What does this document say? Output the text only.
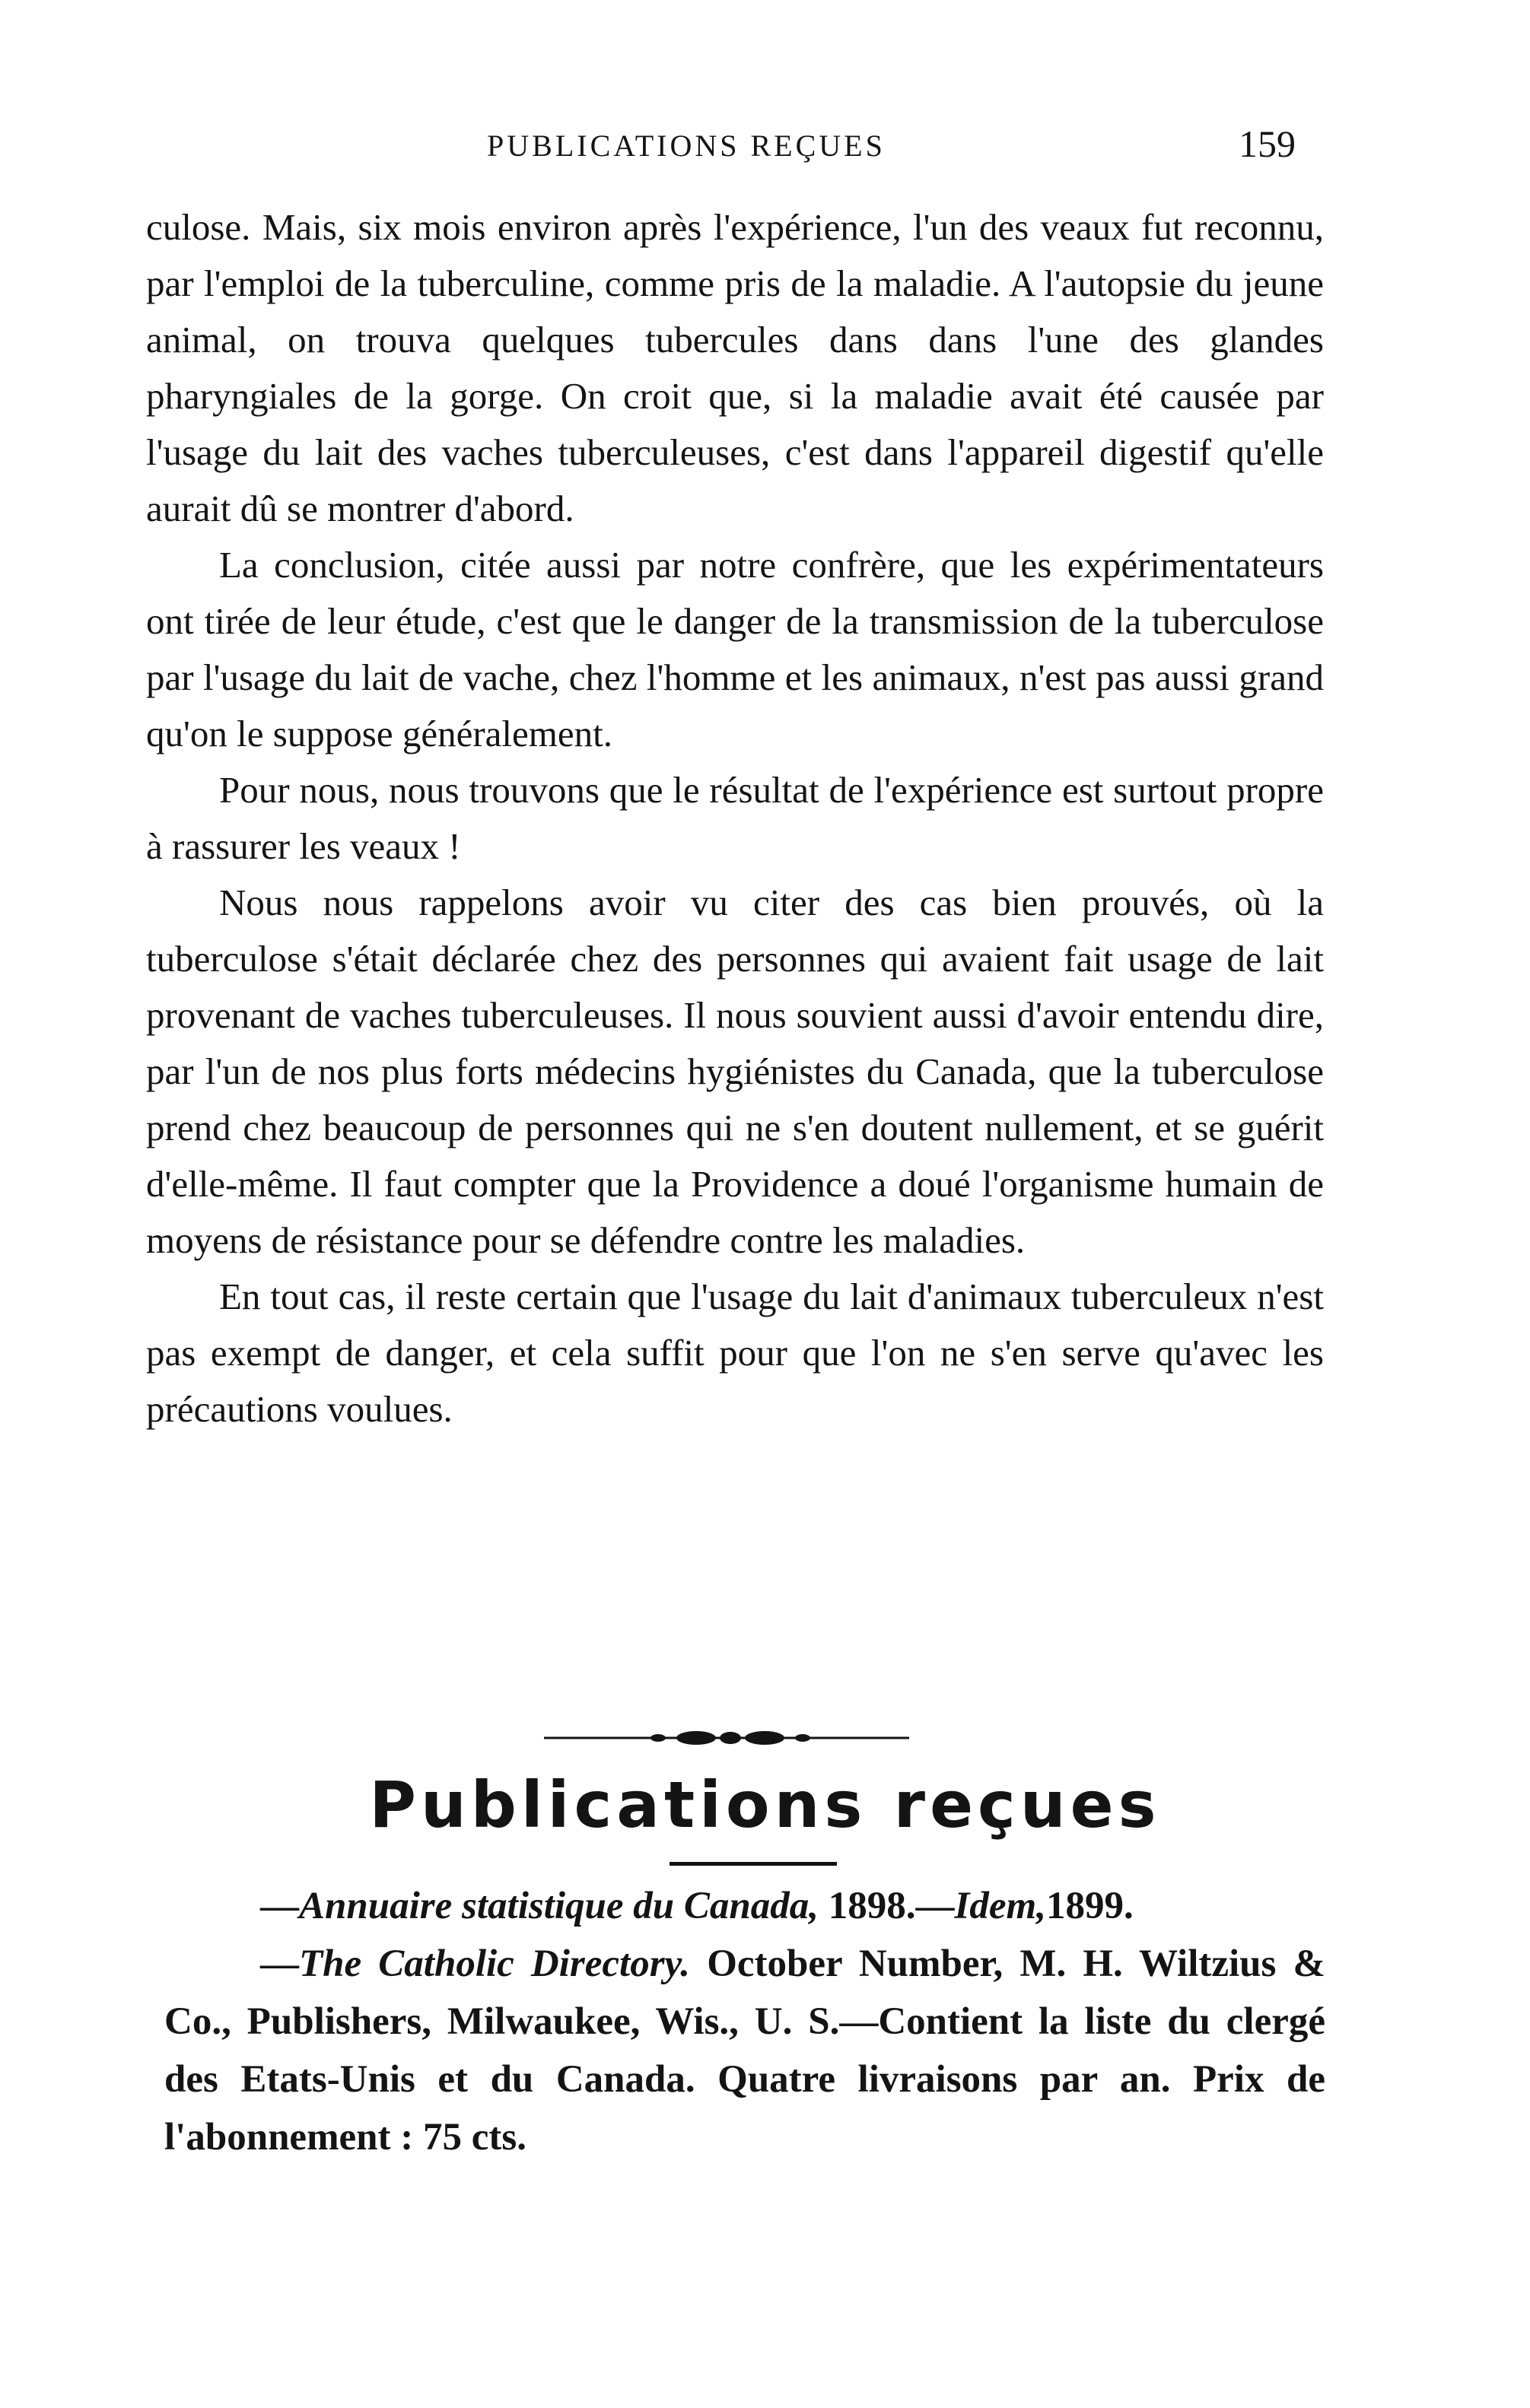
PUBLICATIONS REÇUES	159

culose. Mais, six mois environ après l'expérience, l'un des veaux fut reconnu, par l'emploi de la tuberculine, comme pris de la maladie. A l'autopsie du jeune animal, on trouva quelques tubercules dans dans l'une des glandes pharyngiales de la gorge. On croit que, si la maladie avait été causée par l'usage du lait des vaches tuberculeuses, c'est dans l'appareil digestif qu'elle aurait dû se montrer d'abord.

La conclusion, citée aussi par notre confrère, que les expérimentateurs ont tirée de leur étude, c'est que le danger de la transmission de la tuberculose par l'usage du lait de vache, chez l'homme et les animaux, n'est pas aussi grand qu'on le suppose généralement.

Pour nous, nous trouvons que le résultat de l'expérience est surtout propre à rassurer les veaux !

Nous nous rappelons avoir vu citer des cas bien prouvés, où la tuberculose s'était déclarée chez des personnes qui avaient fait usage de lait provenant de vaches tuberculeuses. Il nous souvient aussi d'avoir entendu dire, par l'un de nos plus forts médecins hygiénistes du Canada, que la tuberculose prend chez beaucoup de personnes qui ne s'en doutent nullement, et se guérit d'elle-même. Il faut compter que la Providence a doué l'organisme humain de moyens de résistance pour se défendre contre les maladies.

En tout cas, il reste certain que l'usage du lait d'animaux tuberculeux n'est pas exempt de danger, et cela suffit pour que l'on ne s'en serve qu'avec les précautions voulues.

Publications reçues

—Annuaire statistique du Canada, 1898.—Idem,1899.

—The Catholic Directory. October Number, M. H. Wiltzius & Co., Publishers, Milwaukee, Wis., U. S.—Contient la liste du clergé des Etats-Unis et du Canada. Quatre livraisons par an. Prix de l'abonnement : 75 cts.
